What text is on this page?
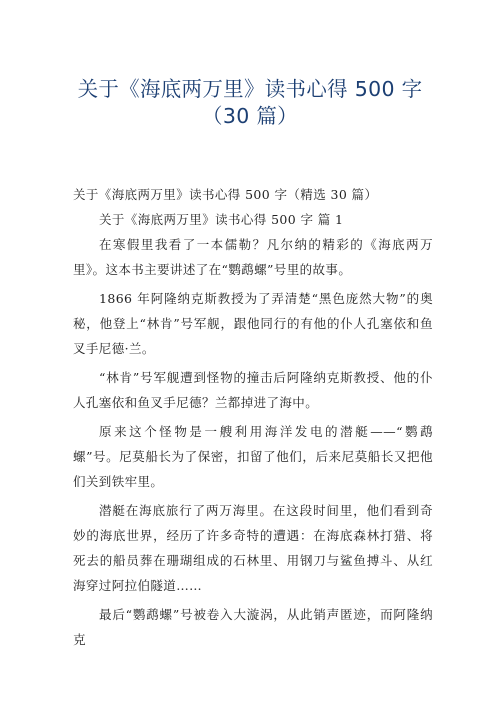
关于《海底两万里》读书心得 500 字（30 篇）

关于《海底两万里》读书心得 500 字（精选 30 篇）

关于《海底两万里》读书心得 500 字 篇 1

在寒假里我看了一本儒勒？凡尔纳的精彩的《海底两万里》。这本书主要讲述了在“鹦鹉螺”号里的故事。

1866 年阿隆纳克斯教授为了弄清楚“黑色庞然大物”的奥秘，他登上“林肯”号军舰，跟他同行的有他的仆人孔塞依和鱼叉手尼德·兰。

“林肯”号军舰遭到怪物的撞击后阿隆纳克斯教授、他的仆人孔塞依和鱼叉手尼德？兰都掉进了海中。

原来这个怪物是一艘利用海洋发电的潜艇——“鹦鹉螺”号。尼莫船长为了保密，扣留了他们，后来尼莫船长又把他们关到铁牢里。

潜艇在海底旅行了两万海里。在这段时间里，他们看到奇妙的海底世界，经历了许多奇特的遭遇：在海底森林打猎、将死去的船员葬在珊瑚组成的石林里、用钢刀与鲨鱼搏斗、从红海穿过阿拉伯隧道……

最后“鹦鹉螺”号被卷入大漩涡，从此销声匿迹，而阿隆纳克
